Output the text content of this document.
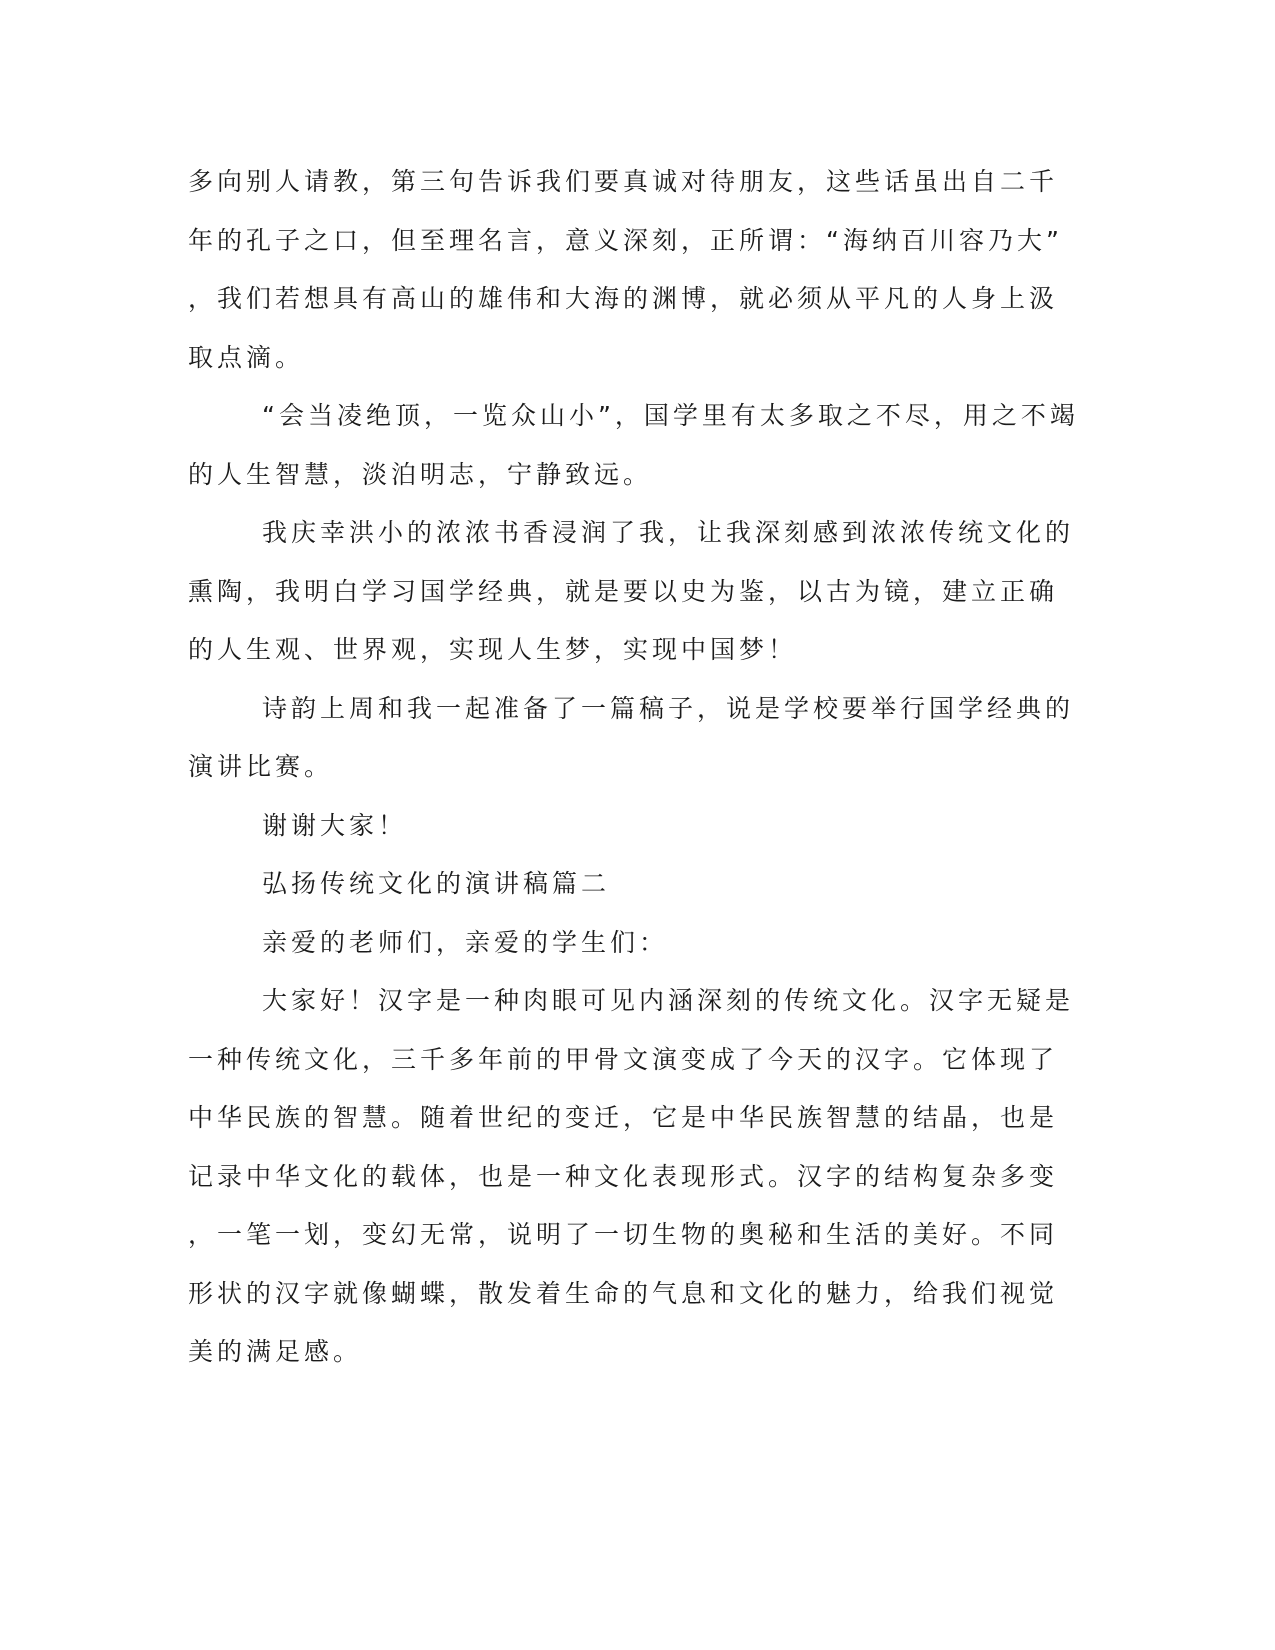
多向别人请教，第三句告诉我们要真诚对待朋友，这些话虽出自二千
年的孔子之口，但至理名言，意义深刻，正所谓：“海纳百川容乃大”
，我们若想具有高山的雄伟和大海的渊博，就必须从平凡的人身上汲
取点滴。
“会当凌绝顶，一览众山小”，国学里有太多取之不尽，用之不竭
的人生智慧，淡泊明志，宁静致远。
我庆幸洪小的浓浓书香浸润了我，让我深刻感到浓浓传统文化的
熏陶，我明白学习国学经典，就是要以史为鉴，以古为镜，建立正确
的人生观、世界观，实现人生梦，实现中国梦！
诗韵上周和我一起准备了一篇稿子，说是学校要举行国学经典的
演讲比赛。
谢谢大家！
弘扬传统文化的演讲稿篇二
亲爱的老师们，亲爱的学生们：
大家好！汉字是一种肉眼可见内涵深刻的传统文化。汉字无疑是
一种传统文化，三千多年前的甲骨文演变成了今天的汉字。它体现了
中华民族的智慧。随着世纪的变迁，它是中华民族智慧的结晶，也是
记录中华文化的载体，也是一种文化表现形式。汉字的结构复杂多变
，一笔一划，变幻无常，说明了一切生物的奥秘和生活的美好。不同
形状的汉字就像蝴蝶，散发着生命的气息和文化的魅力，给我们视觉
美的满足感。
